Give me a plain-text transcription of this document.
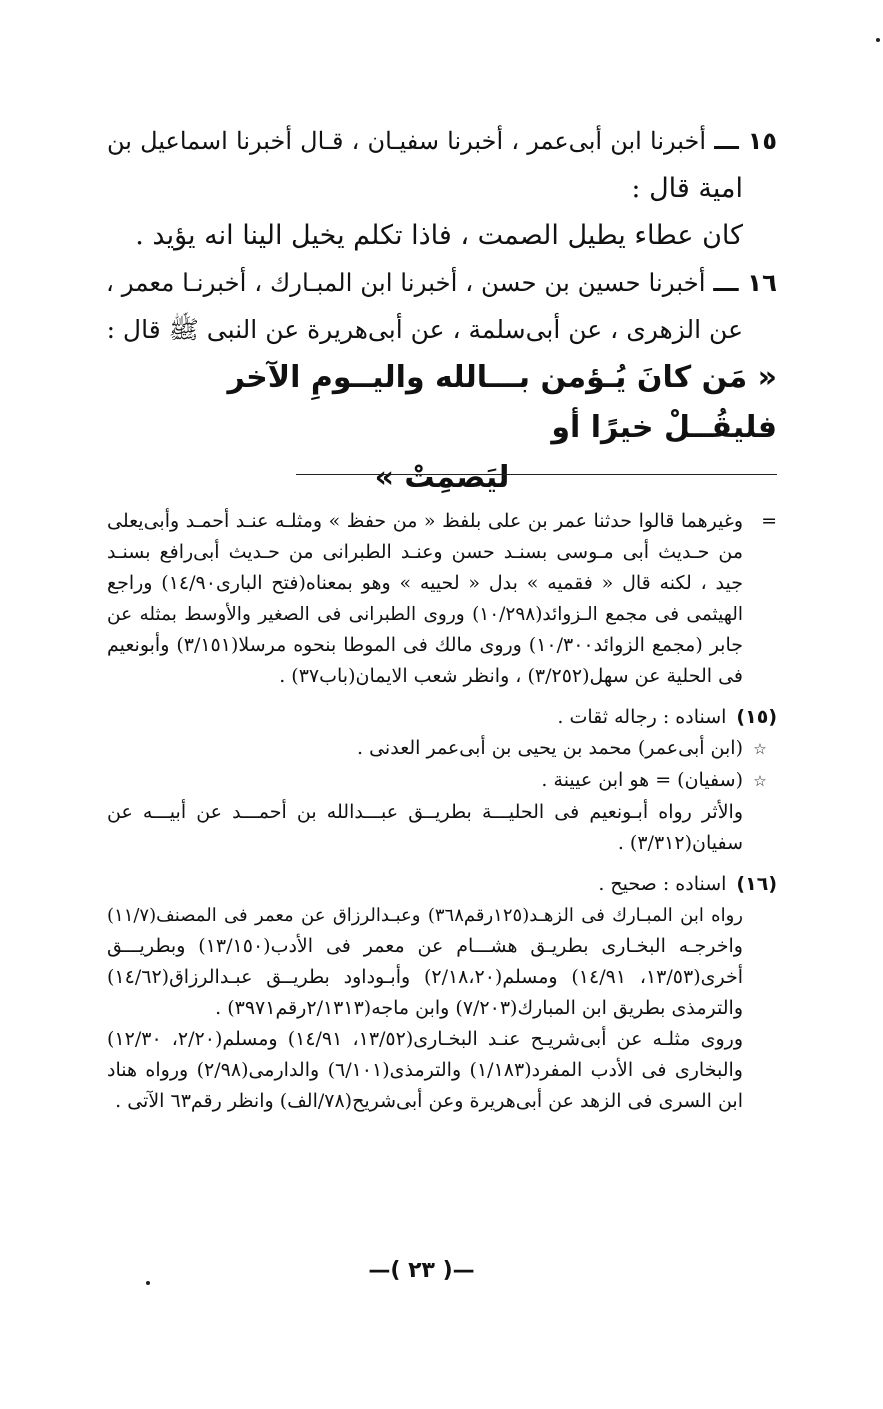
١٥ ـــ أخبرنا ابن أبى‌عمر ، أخبرنا سفيـان ، قـال أخبرنا اسماعيل بن
امية قال :
كان عطاء يطيل الصمت ، فاذا تكلم يخيل الينا انه يؤيد .
١٦ ـــ أخبرنا حسين بن حسن ، أخبرنا ابن المبـارك ، أخبرنـا معمر ،
عن الزهرى ، عن أبى‌سلمة ، عن أبى‌هريرة عن النبى ﷺ قال :
« مَن كانَ يُـؤمن بـــالله واليــومِ الآخر فليقُــلْ خيرًا أو
ليَصمِتْ »
=وغيرهما قالوا حدثنا عمر بن على بلفظ « من حفظ » ومثلـه عنـد أحمـد وأبى‌يعلى
من حـديث أبى مـوسى بسنـد حسن وعنـد الطبرانى من حـديث أبى‌رافع بسنـد
جيد ، لكنه قال « فقميه » بدل « لحييه » وهو بمعناه(فتح البارى١٤/٩٠) وراجع
الهيثمى فى مجمع الـزوائد(١٠/٢٩٨) وروى الطبرانى فى الصغير والأوسط بمثله عن
جابر (مجمع الزوائد١٠/٣٠٠) وروى مالك فى الموطا بنحوه مرسلا(٣/١٥١) وأبونعيم
فى الحلية عن سهل(٣/٢٥٢) ، وانظر شعب الايمان(باب٣٧) .
(١٥)اسناده : رجاله ثقات .
☆(ابن أبى‌عمر) محمد بن يحيى بن أبى‌عمر العدنى .
☆(سفيان) = هو ابن عيينة .
والأثر رواه أبـونعيم فى الحليـــة بطريــق عبـــدالله بن أحمـــد عن أبيـــه عن
سفيان(٣/٣١٢) .
(١٦)اسناده : صحيح .
رواه ابن المبـارك فى الزهـد(١٢٥رقم٣٦٨) وعبـدالرزاق عن معمر فى المصنف(١١/٧)
واخرجـه البخـارى بطريـق هشـــام عن معمر فى الأدب(١٣/١٥٠) وبطريـــق
أخرى(١٣/٥٣، ١٤/٩١) ومسلم(٢/١٨،٢٠) وأبـوداود بطريــق عبـدالرزاق(١٤/٦٢)
والترمذى بطريق ابن المبارك(٧/٢٠٣) وابن ماجه(٢/١٣١٣رقم٣٩٧١) .
وروى مثلـه عن أبى‌شريـح عنـد البخـارى(١٣/٥٢، ١٤/٩١) ومسلم(٢/٢٠، ١٢/٣٠)
والبخارى فى الأدب المفرد(١/١٨٣) والترمذى(٦/١٠١) والدارمى(٢/٩٨) ورواه هناد
ابن السرى فى الزهد عن أبى‌هريرة وعن أبى‌شريح(٧٨/الف) وانظر رقم٦٣ الآتى .
—( ٢٣ )—
